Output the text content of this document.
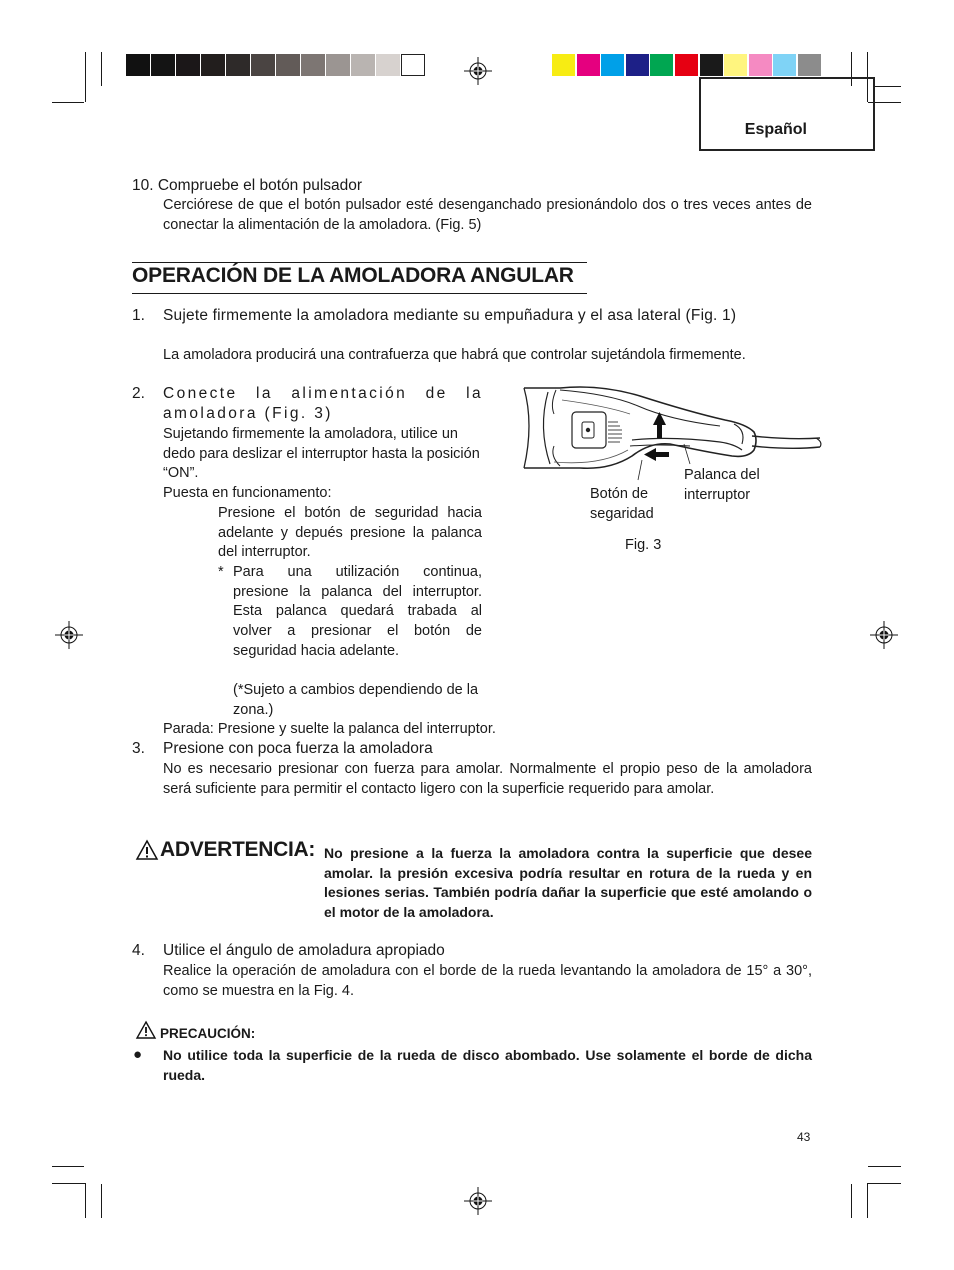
Español
10. Compruebe el botón pulsador
Cerciórese de que el botón pulsador esté desenganchado presionándolo dos o tres veces antes de conectar la alimentación de la amoladora. (Fig. 5)
OPERACIÓN DE LA AMOLADORA ANGULAR
1. Sujete firmemente la amoladora mediante su empuñadura y el asa lateral (Fig. 1)
La amoladora producirá una contrafuerza que habrá que controlar sujetándola firmemente.
2. Conecte la alimentación de la amoladora (Fig. 3)
Sujetando firmemente la amoladora, utilice un dedo para deslizar el interruptor hasta la posición “ON”.
Puesta en funcionamento:
Presione el botón de seguridad hacia adelante y depués presione la palanca del interruptor.
* Para una utilización continua, presione la palanca del interruptor. Esta palanca quedará trabada al volver a presionar el botón de seguridad hacia adelante.
(*Sujeto a cambios dependiendo de la zona.)
Parada: Presione y suelte la palanca del interruptor.
Palanca del
interruptor
Botón de
segaridad
Fig. 3
3. Presione con poca fuerza la amoladora
No es necesario presionar con fuerza para amolar. Normalmente el propio peso de la amoladora será suficiente para permitir el contacto ligero con la superficie requerido para amolar.
ADVERTENCIA: No presione a la fuerza la amoladora contra la superficie que desee amolar. la presión excesiva podría resultar en rotura de la rueda y en lesiones serias. También podría dañar la superficie que esté amolando o el motor de la amoladora.
4. Utilice el ángulo de amoladura apropiado
Realice la operación de amoladura con el borde de la rueda levantando la amoladora de 15° a 30°, como se muestra en la Fig. 4.
PRECAUCIÓN:
● No utilice toda la superficie de la rueda de disco abombado. Use solamente el borde de dicha rueda.
43
